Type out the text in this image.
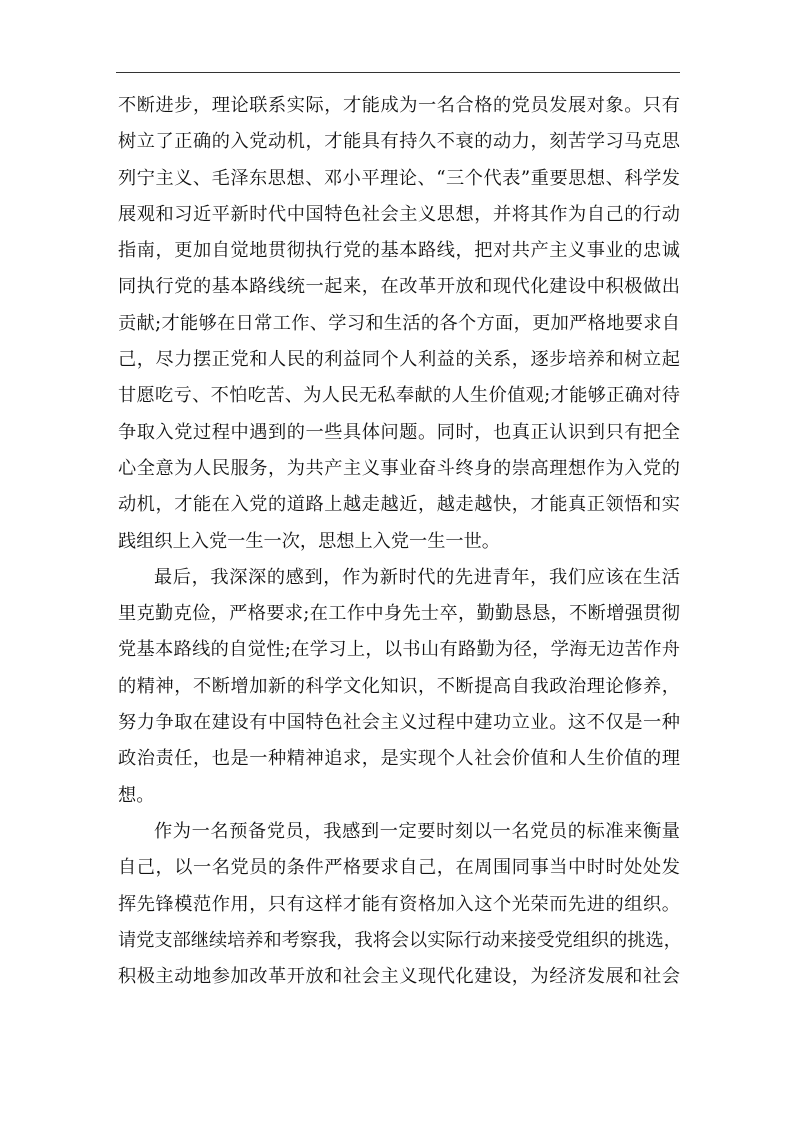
不断进步，理论联系实际，才能成为一名合格的党员发展对象。只有
树立了正确的入党动机，才能具有持久不衰的动力，刻苦学习马克思
列宁主义、毛泽东思想、邓小平理论、“三个代表”重要思想、科学发
展观和习近平新时代中国特色社会主义思想，并将其作为自己的行动
指南，更加自觉地贯彻执行党的基本路线，把对共产主义事业的忠诚
同执行党的基本路线统一起来，在改革开放和现代化建设中积极做出
贡献;才能够在日常工作、学习和生活的各个方面，更加严格地要求自
己，尽力摆正党和人民的利益同个人利益的关系，逐步培养和树立起
甘愿吃亏、不怕吃苦、为人民无私奉献的人生价值观;才能够正确对待
争取入党过程中遇到的一些具体问题。同时，也真正认识到只有把全
心全意为人民服务，为共产主义事业奋斗终身的崇高理想作为入党的
动机，才能在入党的道路上越走越近，越走越快，才能真正领悟和实
践组织上入党一生一次，思想上入党一生一世。

最后，我深深的感到，作为新时代的先进青年，我们应该在生活
里克勤克俭，严格要求;在工作中身先士卒，勤勤恳恳，不断增强贯彻
党基本路线的自觉性;在学习上，以书山有路勤为径，学海无边苦作舟
的精神，不断增加新的科学文化知识，不断提高自我政治理论修养，
努力争取在建设有中国特色社会主义过程中建功立业。这不仅是一种
政治责任，也是一种精神追求，是实现个人社会价值和人生价值的理
想。

作为一名预备党员，我感到一定要时刻以一名党员的标准来衡量
自己，以一名党员的条件严格要求自己，在周围同事当中时时处处发
挥先锋模范作用，只有这样才能有资格加入这个光荣而先进的组织。
请党支部继续培养和考察我，我将会以实际行动来接受党组织的挑选，
积极主动地参加改革开放和社会主义现代化建设，为经济发展和社会
